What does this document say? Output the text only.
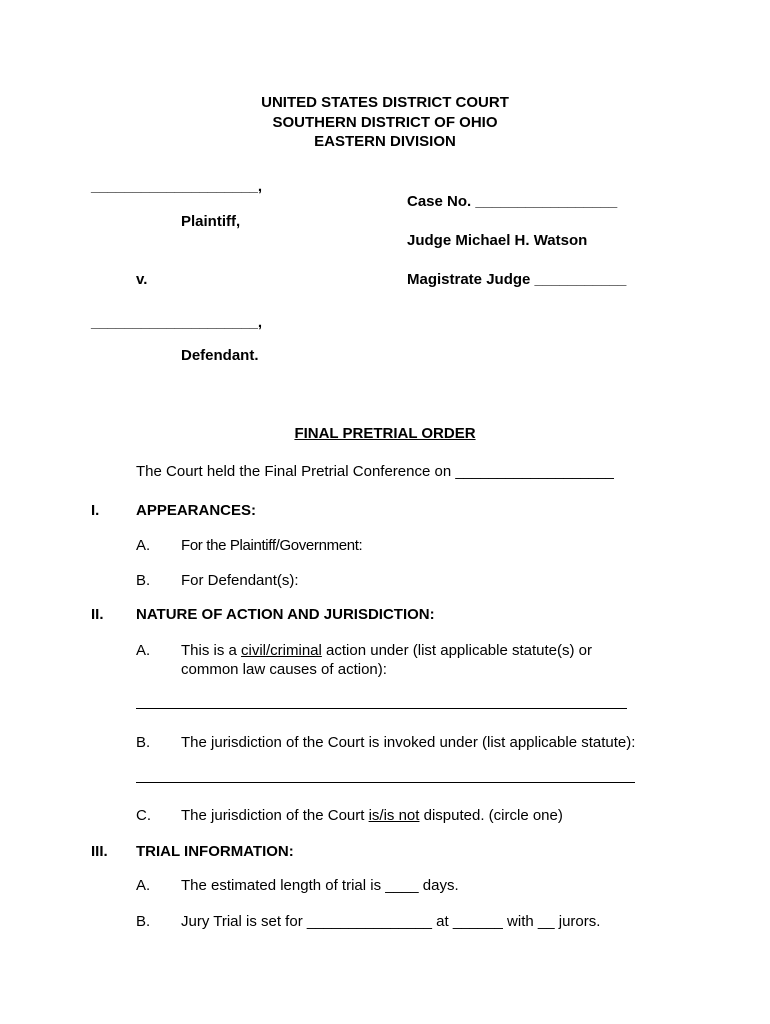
UNITED STATES DISTRICT COURT
SOUTHERN DISTRICT OF OHIO
EASTERN DIVISION
____________________,
Plaintiff,
v.
____________________,
Defendant.
Case No. _________________
Judge Michael H. Watson
Magistrate Judge ___________
FINAL PRETRIAL ORDER
The Court held the Final Pretrial Conference on ___________________
I. APPEARANCES:
A. For the Plaintiff/Government:
B. For Defendant(s):
II. NATURE OF ACTION AND JURISDICTION:
A. This is a civil/criminal action under (list applicable statute(s) or
common law causes of action):
B. The jurisdiction of the Court is invoked under (list applicable statute):
C. The jurisdiction of the Court is/is not disputed. (circle one)
III. TRIAL INFORMATION:
A. The estimated length of trial is ____ days.
B. Jury Trial is set for _______________ at ______ with __ jurors.
